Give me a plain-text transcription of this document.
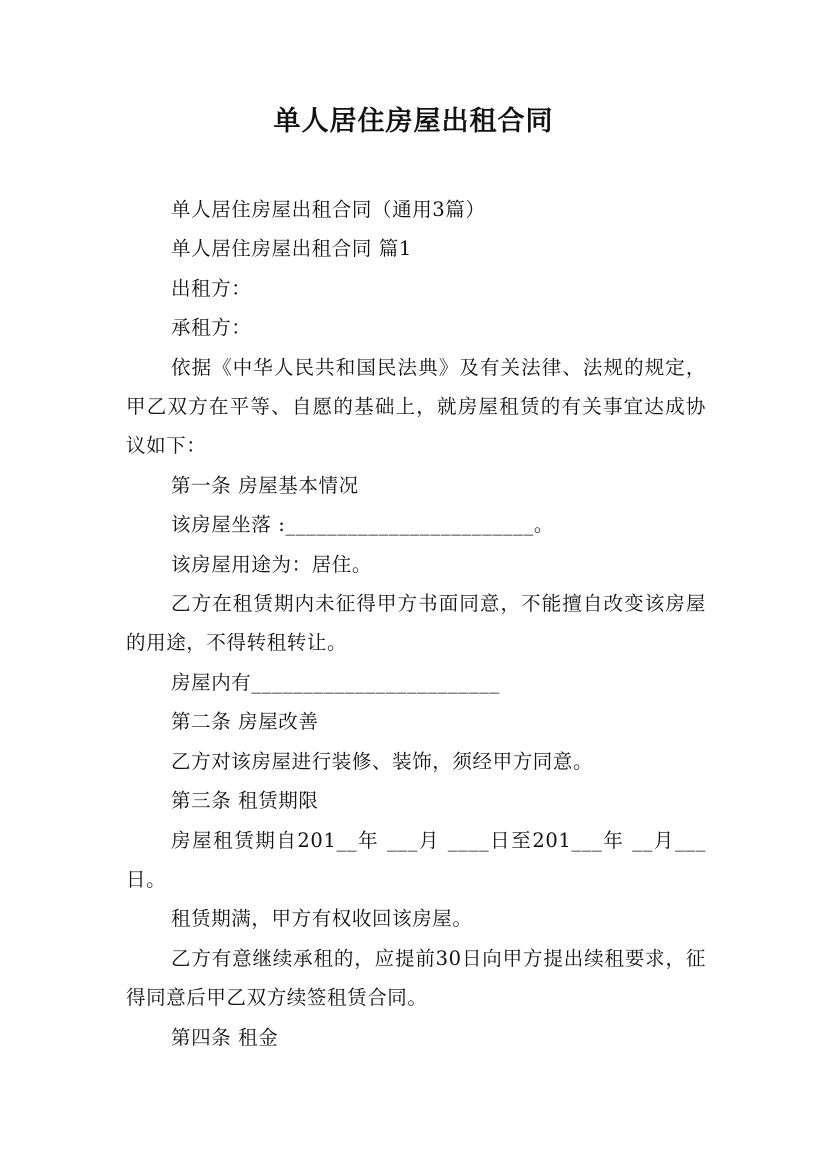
单人居住房屋出租合同

单人居住房屋出租合同（通用3篇）

单人居住房屋出租合同 篇1

出租方：

承租方：

依据《中华人民共和国民法典》及有关法律、法规的规定，甲乙双方在平等、自愿的基础上，就房屋租赁的有关事宜达成协议如下：

第一条 房屋基本情况

该房屋坐落 :________________________。

该房屋用途为：居住。

乙方在租赁期内未征得甲方书面同意，不能擅自改变该房屋的用途，不得转租转让。

房屋内有________________________

第二条 房屋改善

乙方对该房屋进行装修、装饰，须经甲方同意。

第三条 租赁期限

房屋租赁期自201__年 ___月 ____日至201___年 __月___ 日。

租赁期满，甲方有权收回该房屋。

乙方有意继续承租的，应提前30日向甲方提出续租要求，征得同意后甲乙双方续签租赁合同。

第四条 租金
